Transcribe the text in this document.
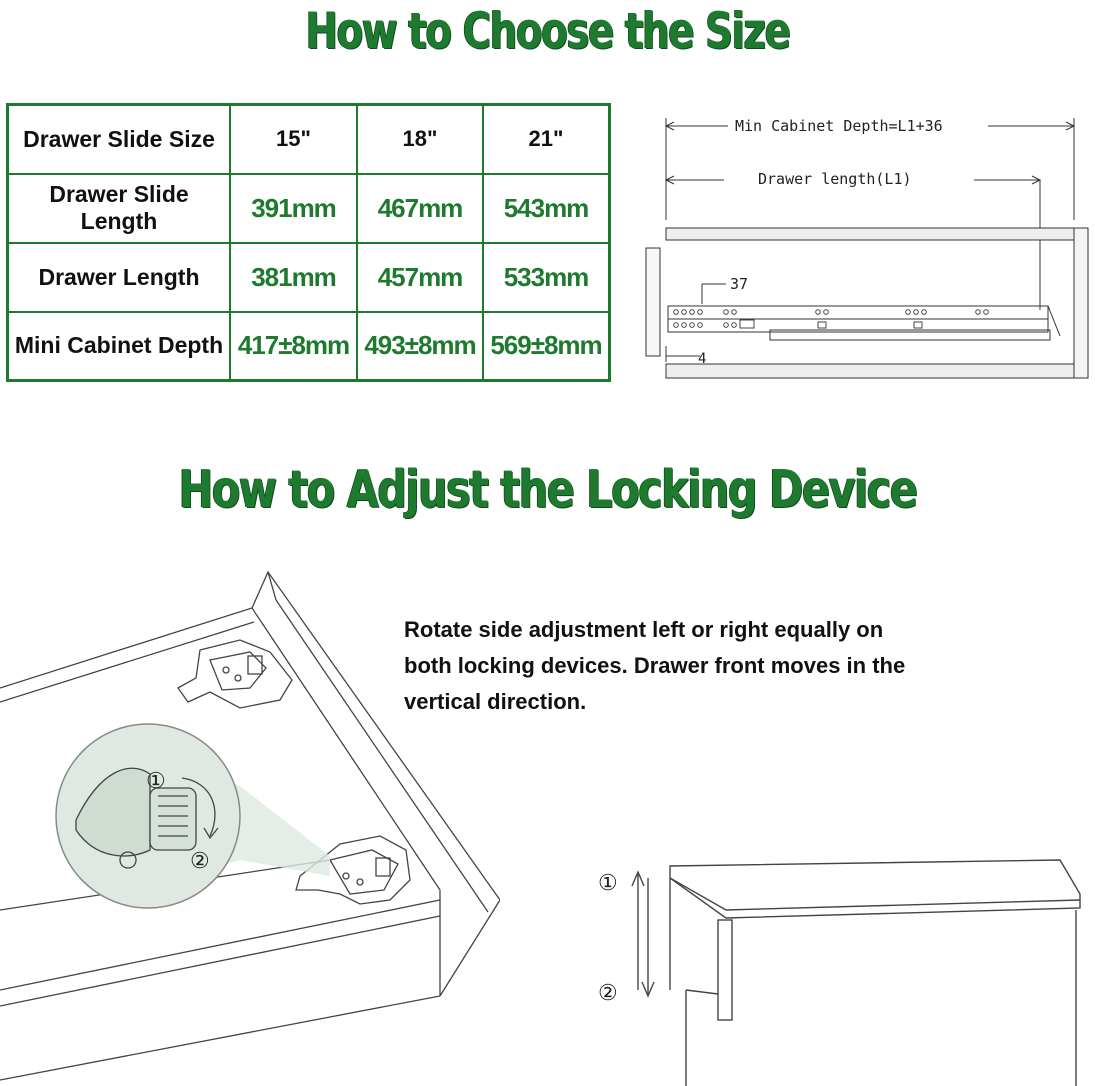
How to Choose the Size
Drawer Slide Size	15"	18"	21"
Drawer Slide Length	391mm	467mm	543mm
Drawer Length	381mm	457mm	533mm
Mini Cabinet Depth	417±8mm	493±8mm	569±8mm
Min Cabinet Depth=L1+36
Drawer length(L1)
37
4
How to Adjust the Locking Device
①
②
Rotate side adjustment left or right equally on both locking devices. Drawer front moves in the vertical direction.
①
②
